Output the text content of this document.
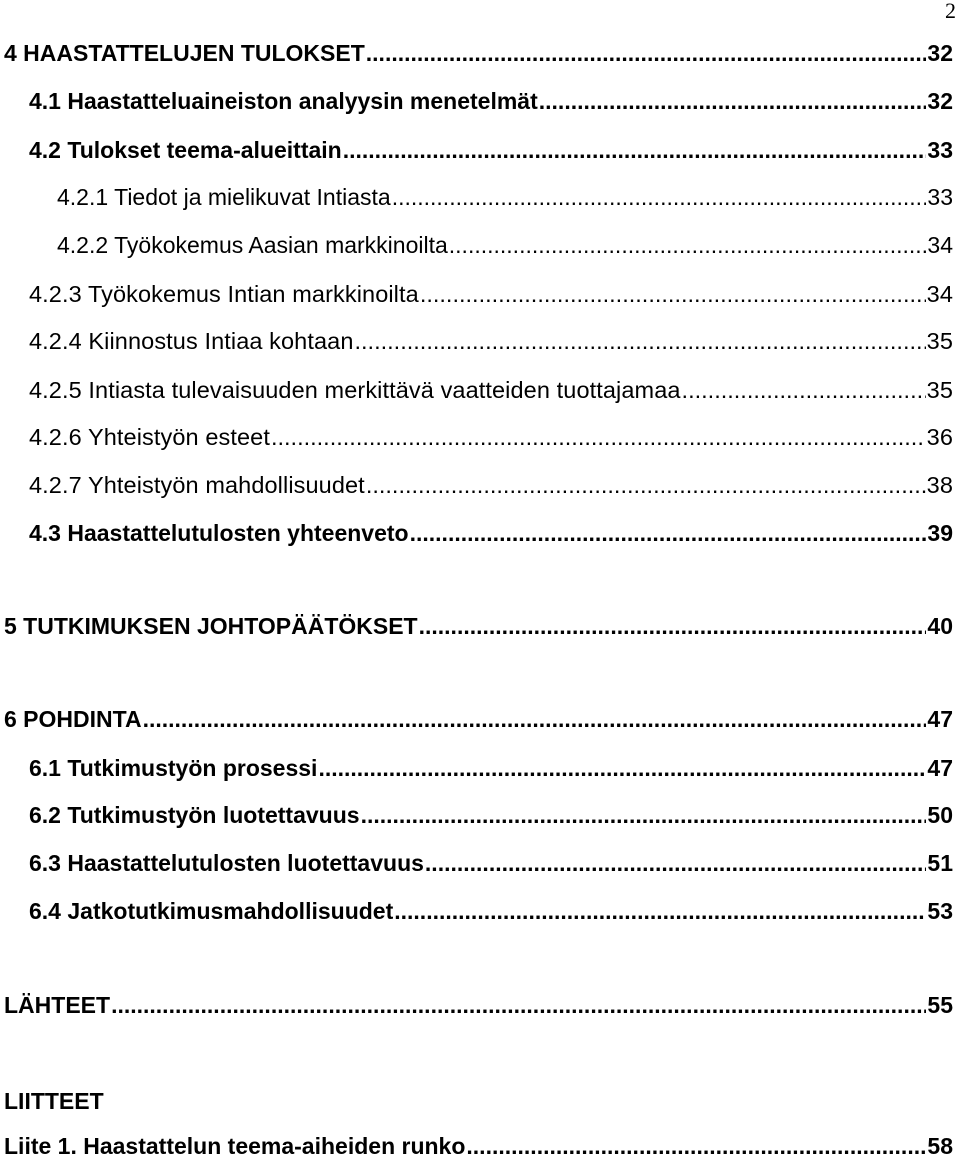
2
4 HAASTATTELUJEN TULOKSET .....	32
4.1 Haastatteluaineiston analyysin menetelmät .....	32
4.2 Tulokset teema-alueittain .....	33
4.2.1 Tiedot ja mielikuvat Intiasta .....	33
4.2.2 Työkokemus Aasian markkinoilta .....	34
4.2.3 Työkokemus Intian markkinoilta .....	34
4.2.4 Kiinnostus Intiaa kohtaan .....	35
4.2.5 Intiasta tulevaisuuden merkittävä vaatteiden tuottajamaa .....	35
4.2.6 Yhteistyön esteet .....	36
4.2.7 Yhteistyön mahdollisuudet .....	38
4.3 Haastattelutulosten yhteenveto .....	39
5 TUTKIMUKSEN JOHTOPÄÄTÖKSET .....	40
6 POHDINTA .....	47
6.1 Tutkimustyön prosessi .....	47
6.2 Tutkimustyön luotettavuus .....	50
6.3 Haastattelutulosten luotettavuus .....	51
6.4 Jatkotutkimusmahdollisuudet .....	53
LÄHTEET .....	55
LIITTEET
Liite 1. Haastattelun teema-aiheiden runko .....	58
